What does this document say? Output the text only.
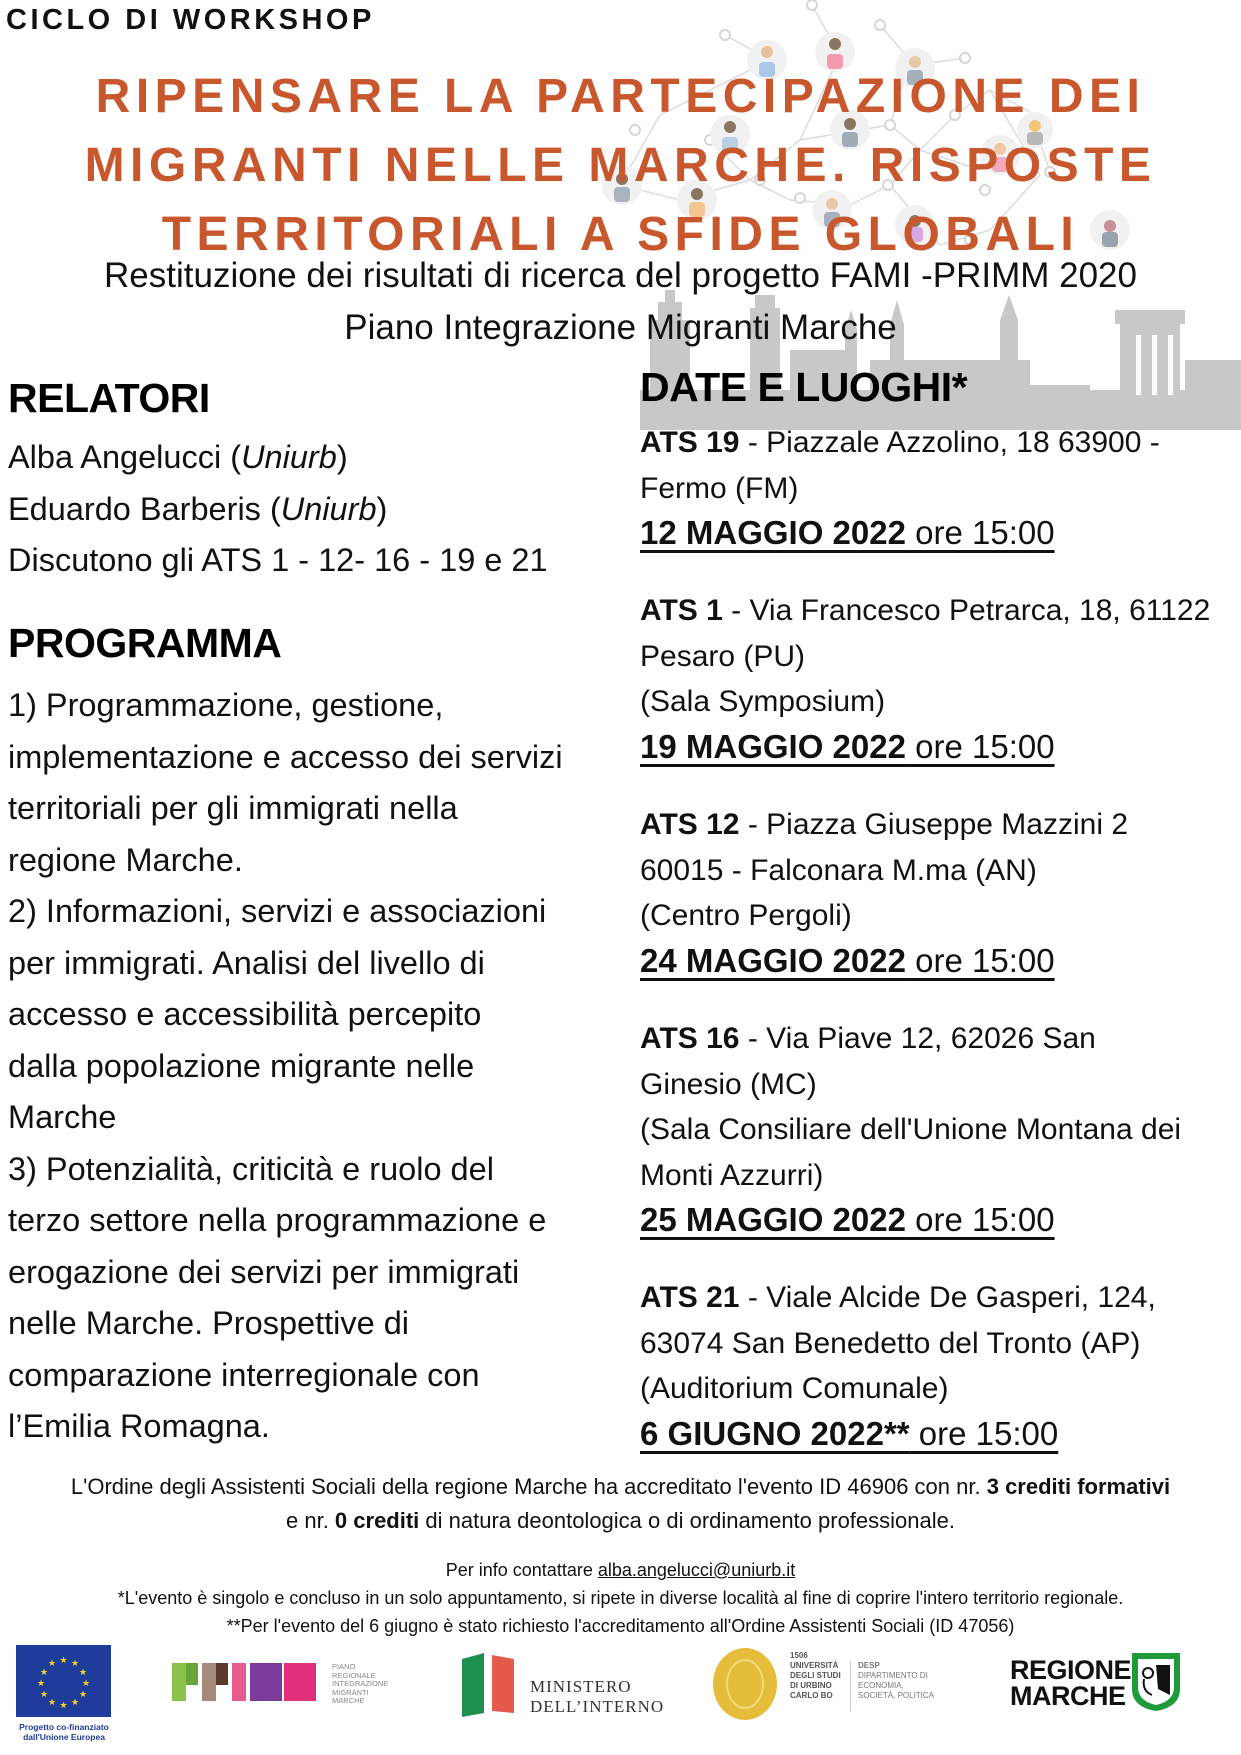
CICLO DI WORKSHOP
RIPENSARE LA PARTECIPAZIONE DEI
MIGRANTI NELLE MARCHE. RISPOSTE
TERRITORIALI A SFIDE GLOBALI
Restituzione dei risultati di ricerca del progetto FAMI -PRIMM 2020
Piano Integrazione Migranti Marche
RELATORI
Alba Angelucci (Uniurb)
Eduardo Barberis (Uniurb)
Discutono gli ATS 1 - 12- 16 - 19 e 21
PROGRAMMA
1) Programmazione, gestione,
implementazione e accesso dei servizi
territoriali per gli immigrati nella
regione Marche.
2) Informazioni, servizi e associazioni
per immigrati. Analisi del livello di
accesso e accessibilità percepito
dalla popolazione migrante nelle
Marche
3) Potenzialità, criticità e ruolo del
terzo settore nella programmazione e
erogazione dei servizi per immigrati
nelle Marche. Prospettive di
comparazione interregionale con
l’Emilia Romagna.
DATE E LUOGHI*
ATS 19 - Piazzale Azzolino, 18 63900 -
Fermo (FM)
12 MAGGIO 2022 ore 15:00
ATS 1 - Via Francesco Petrarca, 18, 61122
Pesaro (PU)
(Sala Symposium)
19 MAGGIO 2022 ore 15:00
ATS 12 - Piazza Giuseppe Mazzini 2
60015 - Falconara M.ma (AN)
(Centro Pergoli)
24 MAGGIO 2022 ore 15:00
ATS 16 - Via Piave 12, 62026 San
Ginesio (MC)
(Sala Consiliare dell'Unione Montana dei
Monti Azzurri)
25 MAGGIO 2022 ore 15:00
ATS 21 - Viale Alcide De Gasperi, 124,
63074 San Benedetto del Tronto (AP)
(Auditorium Comunale)
6 GIUGNO 2022** ore 15:00
L'Ordine degli Assistenti Sociali della regione Marche ha accreditato l'evento ID 46906 con nr. 3 crediti formativi
e nr. 0 crediti di natura deontologica o di ordinamento professionale.
Per info contattare alba.angelucci@uniurb.it
*L'evento è singolo e concluso in un solo appuntamento, si ripete in diverse località al fine di coprire l'intero territorio regionale.
**Per l'evento del 6 giugno è stato richiesto l'accreditamento all'Ordine Assistenti Sociali (ID 47056)
★ ★
★
★
★
★
★
★
★
★
★
★
Progetto co-finanziato
dall'Unione Europea
PIANO
REGIONALE
INTEGRAZIONE
MIGRANTI
MARCHE
MINISTERO
DELL’INTERNO
1506
UNIVERSITÀ
DEGLI STUDI
DI URBINO
CARLO BO
DESP
DIPARTIMENTO DI
ECONOMIA,
SOCIETÀ, POLITICA
REGIONE
MARCHE
